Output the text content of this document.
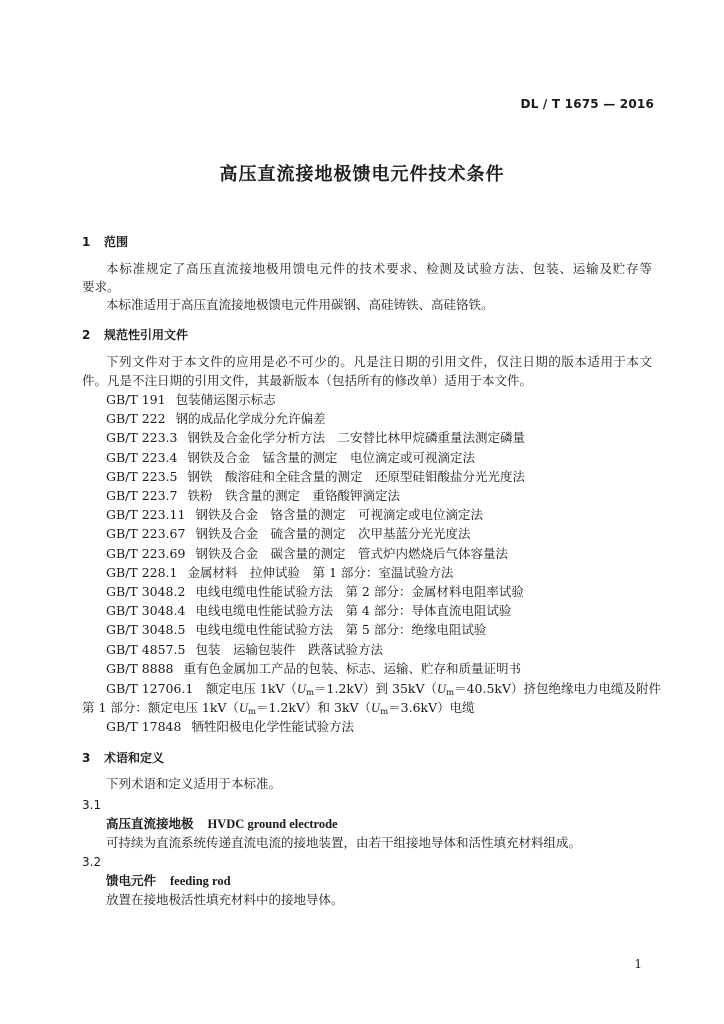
DL / T 1675 — 2016
高压直流接地极馈电元件技术条件
1 范围
本标准规定了高压直流接地极用馈电元件的技术要求、检测及试验方法、包装、运输及贮存等
要求。
本标准适用于高压直流接地极馈电元件用碳钢、高硅铸铁、高硅铬铁。
2 规范性引用文件
下列文件对于本文件的应用是必不可少的。凡是注日期的引用文件，仅注日期的版本适用于本文
件。凡是不注日期的引用文件，其最新版本（包括所有的修改单）适用于本文件。
GB/T 191 包装储运图示标志
GB/T 222 钢的成品化学成分允许偏差
GB/T 223.3 钢铁及合金化学分析方法　二安替比林甲烷磷重量法测定磷量
GB/T 223.4 钢铁及合金　锰含量的测定　电位滴定或可视滴定法
GB/T 223.5 钢铁　酸溶硅和全硅含量的测定　还原型硅钼酸盐分光光度法
GB/T 223.7 铁粉　铁含量的测定　重铬酸钾滴定法
GB/T 223.11 钢铁及合金　铬含量的测定　可视滴定或电位滴定法
GB/T 223.67 钢铁及合金　硫含量的测定　次甲基蓝分光光度法
GB/T 223.69 钢铁及合金　碳含量的测定　管式炉内燃烧后气体容量法
GB/T 228.1 金属材料　拉伸试验　第 1 部分：室温试验方法
GB/T 3048.2 电线电缆电性能试验方法　第 2 部分：金属材料电阻率试验
GB/T 3048.4 电线电缆电性能试验方法　第 4 部分：导体直流电阻试验
GB/T 3048.5 电线电缆电性能试验方法　第 5 部分：绝缘电阻试验
GB/T 4857.5 包装　运输包装件　跌落试验方法
GB/T 8888 重有色金属加工产品的包装、标志、运输、贮存和质量证明书
GB/T 12706.1　 额定电压 $1kV(U_m=1.2kV)$到 $35kV(U_m=40.5kV)$挤包绝缘电力电缆及附件
第 1 部分：额定电压 $1kV(U_m=1.2kV)$和 $3kV(U_m=3.6kV)$电缆
GB/T 17848 牺牲阳极电化学性能试验方法
3 术语和定义
下列术语和定义适用于本标准。
3.1
高压直流接地极 HVDC ground electrode
可持续为直流系统传递直流电流的接地装置，由若干组接地导体和活性填充材料组成。
3.2
馈电元件 feeding rod
放置在接地极活性填充材料中的接地导体。
1
